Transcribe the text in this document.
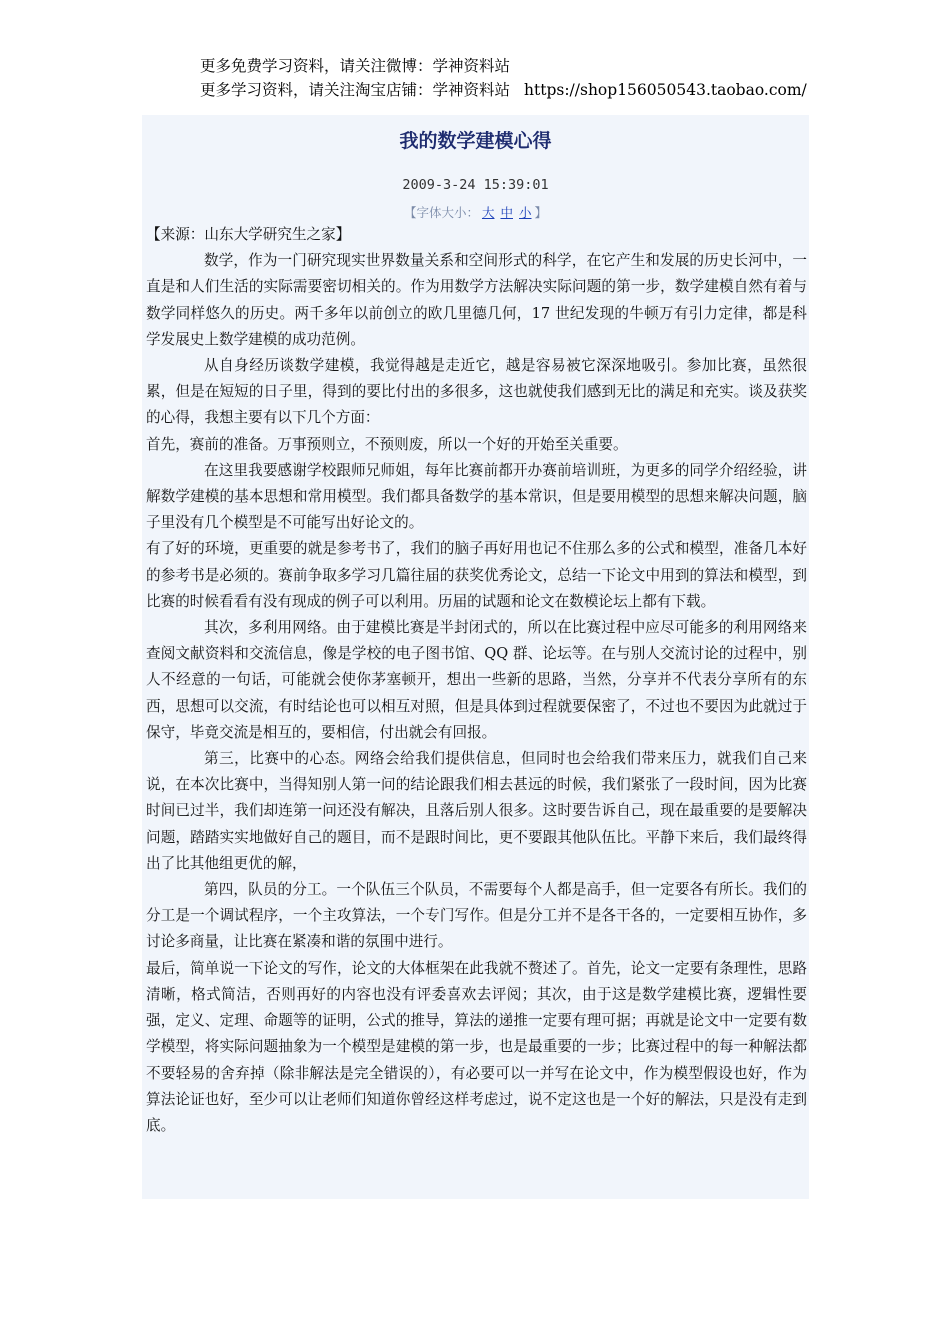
更多免费学习资料，请关注微博：学神资料站
更多学习资料，请关注淘宝店铺：学神资料站 https://shop156050543.taobao.com/
我的数学建模心得
2009-3-24 15:39:01
【字体大小： 大 中 小 】

【来源：山东大学研究生之家】

数学，作为一门研究现实世界数量关系和空间形式的科学，在它产生和发展的历史长河中，一直是和人们生活的实际需要密切相关的。作为用数学方法解决实际问题的第一步，数学建模自然有着与数学同样悠久的历史。两千多年以前创立的欧几里德几何，17 世纪发现的牛顿万有引力定律，都是科学发展史上数学建模的成功范例。

从自身经历谈数学建模，我觉得越是走近它，越是容易被它深深地吸引。参加比赛，虽然很累，但是在短短的日子里，得到的要比付出的多很多，这也就使我们感到无比的满足和充实。谈及获奖的心得，我想主要有以下几个方面：

首先，赛前的准备。万事预则立，不预则废，所以一个好的开始至关重要。

在这里我要感谢学校跟师兄师姐，每年比赛前都开办赛前培训班，为更多的同学介绍经验，讲解数学建模的基本思想和常用模型。我们都具备数学的基本常识，但是要用模型的思想来解决问题，脑子里没有几个模型是不可能写出好论文的。

有了好的环境，更重要的就是参考书了，我们的脑子再好用也记不住那么多的公式和模型，准备几本好的参考书是必须的。赛前争取多学习几篇往届的获奖优秀论文，总结一下论文中用到的算法和模型，到比赛的时候看看有没有现成的例子可以利用。历届的试题和论文在数模论坛上都有下载。

其次，多利用网络。由于建模比赛是半封闭式的，所以在比赛过程中应尽可能多的利用网络来查阅文献资料和交流信息，像是学校的电子图书馆、QQ 群、论坛等。在与别人交流讨论的过程中，别人不经意的一句话，可能就会使你茅塞顿开，想出一些新的思路，当然，分享并不代表分享所有的东西，思想可以交流，有时结论也可以相互对照，但是具体到过程就要保密了，不过也不要因为此就过于保守，毕竟交流是相互的，要相信，付出就会有回报。

第三，比赛中的心态。网络会给我们提供信息，但同时也会给我们带来压力，就我们自己来说，在本次比赛中，当得知别人第一问的结论跟我们相去甚远的时候，我们紧张了一段时间，因为比赛时间已过半，我们却连第一问还没有解决，且落后别人很多。这时要告诉自己，现在最重要的是要解决问题，踏踏实实地做好自己的题目，而不是跟时间比，更不要跟其他队伍比。平静下来后，我们最终得出了比其他组更优的解，

第四，队员的分工。一个队伍三个队员，不需要每个人都是高手，但一定要各有所长。我们的分工是一个调试程序，一个主攻算法，一个专门写作。但是分工并不是各干各的，一定要相互协作，多讨论多商量，让比赛在紧凑和谐的氛围中进行。

最后，简单说一下论文的写作，论文的大体框架在此我就不赘述了。首先，论文一定要有条理性，思路清晰，格式简洁，否则再好的内容也没有评委喜欢去评阅；其次，由于这是数学建模比赛，逻辑性要强，定义、定理、命题等的证明，公式的推导，算法的递推一定要有理可据；再就是论文中一定要有数学模型，将实际问题抽象为一个模型是建模的第一步，也是最重要的一步；比赛过程中的每一种解法都不要轻易的舍弃掉（除非解法是完全错误的），有必要可以一并写在论文中，作为模型假设也好，作为算法论证也好，至少可以让老师们知道你曾经这样考虑过，说不定这也是一个好的解法，只是没有走到底。
